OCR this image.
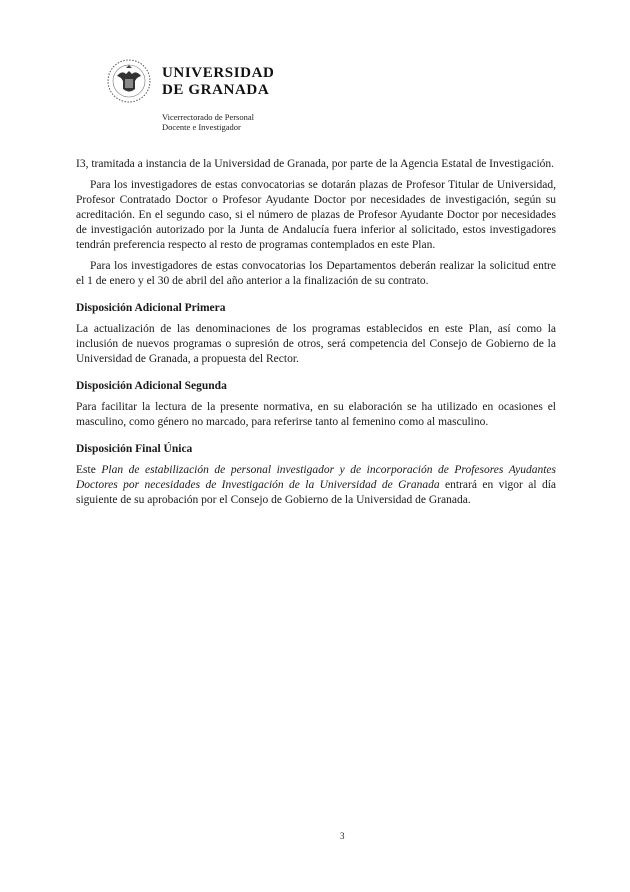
UNIVERSIDAD
DE GRANADA
Vicerrectorado de Personal
Docente e Investigador

I3, tramitada a instancia de la Universidad de Granada, por parte de la Agencia Estatal de Investigación.

Para los investigadores de estas convocatorias se dotarán plazas de Profesor Titular de Universidad, Profesor Contratado Doctor o Profesor Ayudante Doctor por necesidades de investigación, según su acreditación. En el segundo caso, si el número de plazas de Profesor Ayudante Doctor por necesidades de investigación autorizado por la Junta de Andalucía fuera inferior al solicitado, estos investigadores tendrán preferencia respecto al resto de programas contemplados en este Plan.

Para los investigadores de estas convocatorias los Departamentos deberán realizar la solicitud entre el 1 de enero y el 30 de abril del año anterior a la finalización de su contrato.

Disposición Adicional Primera

La actualización de las denominaciones de los programas establecidos en este Plan, así como la inclusión de nuevos programas o supresión de otros, será competencia del Consejo de Gobierno de la Universidad de Granada, a propuesta del Rector.

Disposición Adicional Segunda

Para facilitar la lectura de la presente normativa, en su elaboración se ha utilizado en ocasiones el masculino, como género no marcado, para referirse tanto al femenino como al masculino.

Disposición Final Única

Este Plan de estabilización de personal investigador y de incorporación de Profesores Ayudantes Doctores por necesidades de Investigación de la Universidad de Granada entrará en vigor al día siguiente de su aprobación por el Consejo de Gobierno de la Universidad de Granada.

3
